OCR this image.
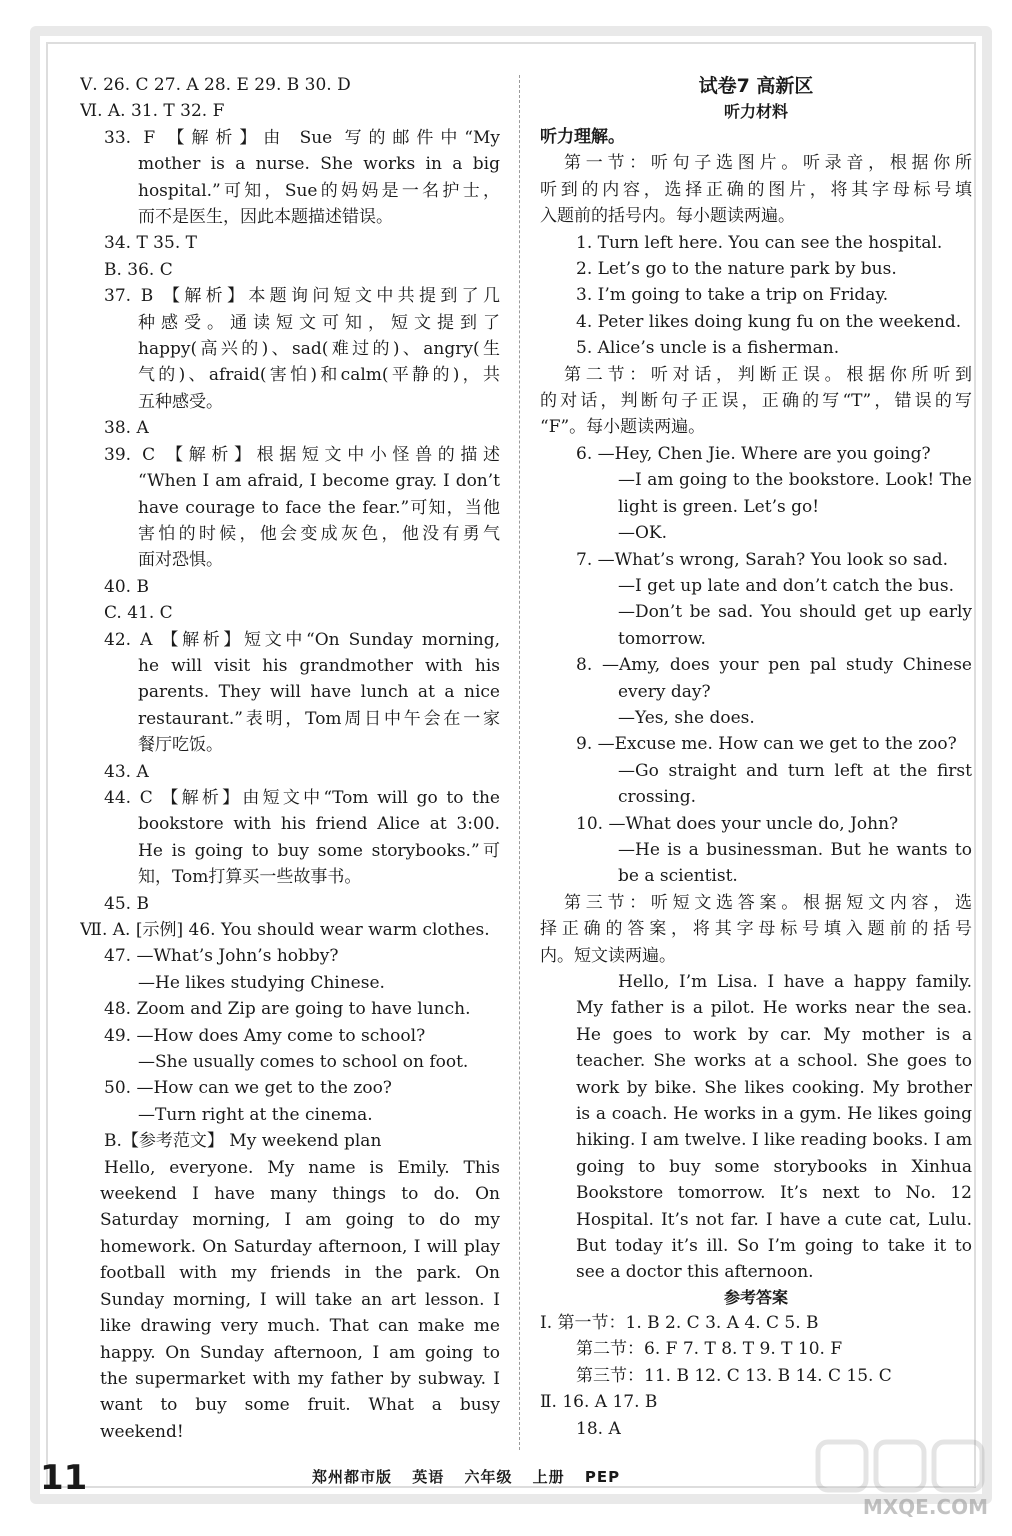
Ⅴ. 26. C 27. A 28. E 29. B 30. D
Ⅵ. A. 31. T 32. F
33. F 【解析】由 Sue 写的邮件中“My
mother is a nurse. She works in a big
hospital.”可知，Sue的妈妈是一名护士，
而不是医生，因此本题描述错误。
34. T 35. T
B. 36. C
37. B 【解析】本题询问短文中共提到了几
种感受。通读短文可知，短文提到了
happy(高兴的)、sad(难过的)、angry(生
气的)、afraid(害怕)和calm(平静的)，共
五种感受。
38. A
39. C 【解析】根据短文中小怪兽的描述
“When I am afraid, I become gray. I don’t
have courage to face the fear.”可知，当他
害怕的时候，他会变成灰色，他没有勇气
面对恐惧。
40. B
C. 41. C
42. A 【解析】短文中“On Sunday morning,
he will visit his grandmother with his
parents. They will have lunch at a nice
restaurant.”表明，Tom周日中午会在一家
餐厅吃饭。
43. A
44. C 【解析】由短文中“Tom will go to the
bookstore with his friend Alice at 3:00.
He is going to buy some storybooks.”可
知，Tom打算买一些故事书。
45. B
Ⅶ. A. [示例] 46. You should wear warm clothes.
47. —What’s John’s hobby?
—He likes studying Chinese.
48. Zoom and Zip are going to have lunch.
49. —How does Amy come to school?
—She usually comes to school on foot.
50. —How can we get to the zoo?
—Turn right at the cinema.
B.【参考范文】 My weekend plan
Hello, everyone. My name is Emily. This
weekend I have many things to do. On
Saturday morning, I am going to do my
homework. On Saturday afternoon, I will play
football with my friends in the park. On
Sunday morning, I will take an art lesson. I
like drawing very much. That can make me
happy. On Sunday afternoon, I am going to
the supermarket with my father by subway. I
want to buy some fruit. What a busy
weekend!
试卷7 高新区
听力材料
听力理解。
第一节：听句子选图片。听录音，根据你所
听到的内容，选择正确的图片，将其字母标号填
入题前的括号内。每小题读两遍。
1. Turn left here. You can see the hospital.
2. Let’s go to the nature park by bus.
3. I’m going to take a trip on Friday.
4. Peter likes doing kung fu on the weekend.
5. Alice’s uncle is a fisherman.
第二节：听对话，判断正误。根据你所听到
的对话，判断句子正误，正确的写“T”，错误的写
“F”。每小题读两遍。
6. —Hey, Chen Jie. Where are you going?
—I am going to the bookstore. Look! The
light is green. Let’s go!
—OK.
7. —What’s wrong, Sarah? You look so sad.
—I get up late and don’t catch the bus.
—Don’t be sad. You should get up early
tomorrow.
8. —Amy, does your pen pal study Chinese
every day?
—Yes, she does.
9. —Excuse me. How can we get to the zoo?
—Go straight and turn left at the first
crossing.
10. —What does your uncle do, John?
—He is a businessman. But he wants to
be a scientist.
第三节：听短文选答案。根据短文内容，选
择正确的答案，将其字母标号填入题前的括号
内。短文读两遍。
Hello, I’m Lisa. I have a happy family.
My father is a pilot. He works near the sea.
He goes to work by car. My mother is a
teacher. She works at a school. She goes to
work by bike. She likes cooking. My brother
is a coach. He works in a gym. He likes going
hiking. I am twelve. I like reading books. I am
going to buy some storybooks in Xinhua
Bookstore tomorrow. It’s next to No. 12
Hospital. It’s not far. I have a cute cat, Lulu.
But today it’s ill. So I’m going to take it to
see a doctor this afternoon.
参考答案
Ⅰ. 第一节：1. B 2. C 3. A 4. C 5. B
第二节：6. F 7. T 8. T 9. T 10. F
第三节：11. B 12. C 13. B 14. C 15. C
Ⅱ. 16. A 17. B
18. A
11	郑州都市版 英语 六年级 上册 PEP
MXQE.COM
